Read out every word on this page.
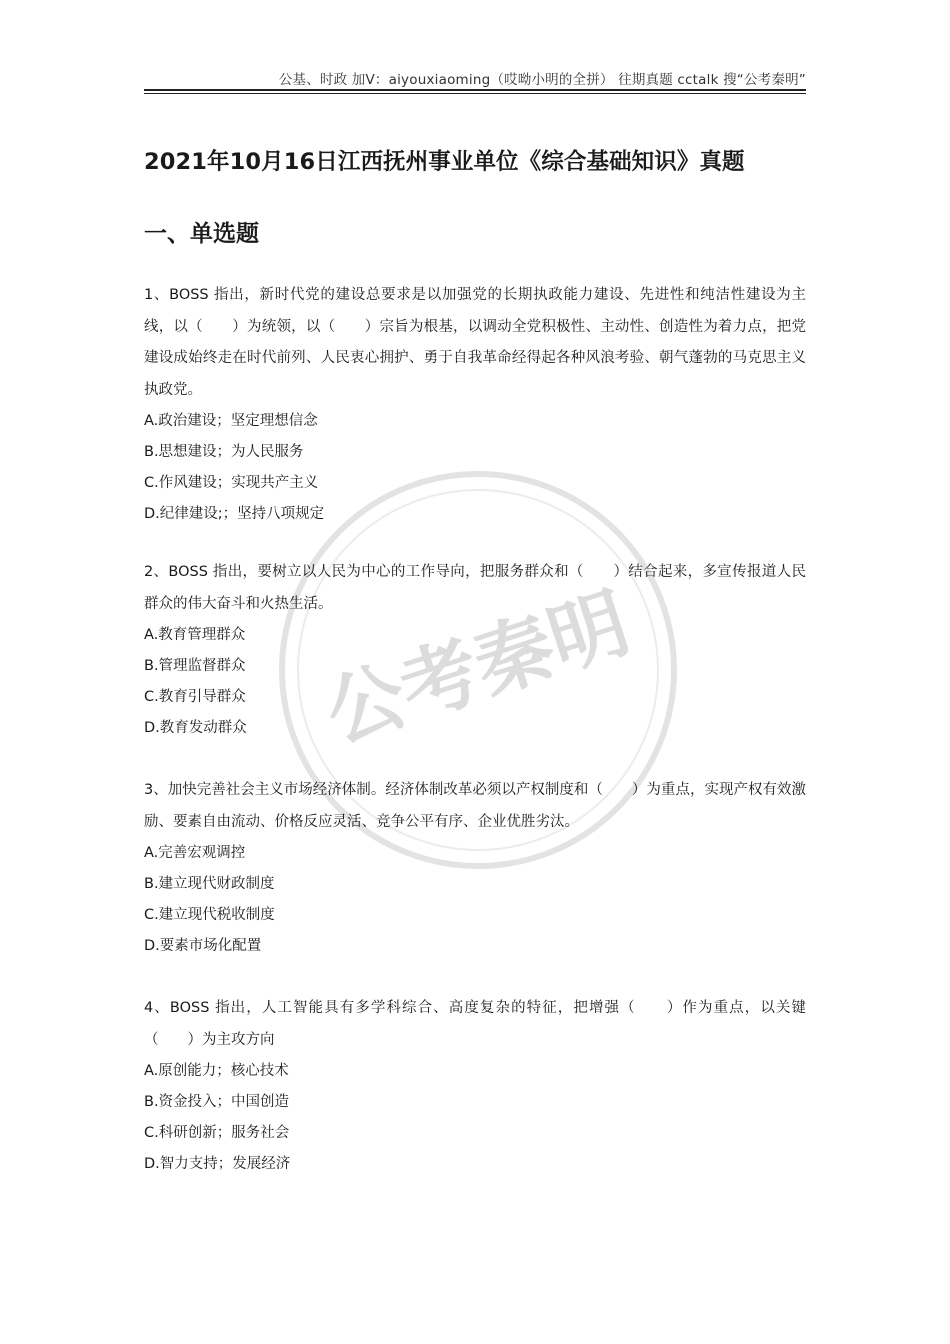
公基、时政 加V：aiyouxiaoming（哎呦小明的全拼） 往期真题 cctalk 搜“公考秦明”
公考秦明
2021年10月16日江西抚州事业单位《综合基础知识》真题
一、单选题
1、BOSS 指出，新时代党的建设总要求是以加强党的长期执政能力建设、先进性和纯洁性建设为主线，以（　　）为统领，以（　　）宗旨为根基，以调动全党积极性、主动性、创造性为着力点，把党建设成始终走在时代前列、人民衷心拥护、勇于自我革命经得起各种风浪考验、朝气蓬勃的马克思主义执政党。
A.政治建设；坚定理想信念
B.思想建设；为人民服务
C.作风建设；实现共产主义
D.纪律建设;；坚持八项规定
2、BOSS 指出，要树立以人民为中心的工作导向，把服务群众和（　　）结合起来，多宣传报道人民群众的伟大奋斗和火热生活。
A.教育管理群众
B.管理监督群众
C.教育引导群众
D.教育发动群众
3、加快完善社会主义市场经济体制。经济体制改革必须以产权制度和（　　）为重点，实现产权有效激励、要素自由流动、价格反应灵活、竞争公平有序、企业优胜劣汰。
A.完善宏观调控
B.建立现代财政制度
C.建立现代税收制度
D.要素市场化配置
4、BOSS 指出，人工智能具有多学科综合、高度复杂的特征，把增强（　　）作为重点，以关键（　　）为主攻方向
A.原创能力；核心技术
B.资金投入；中国创造
C.科研创新；服务社会
D.智力支持；发展经济
